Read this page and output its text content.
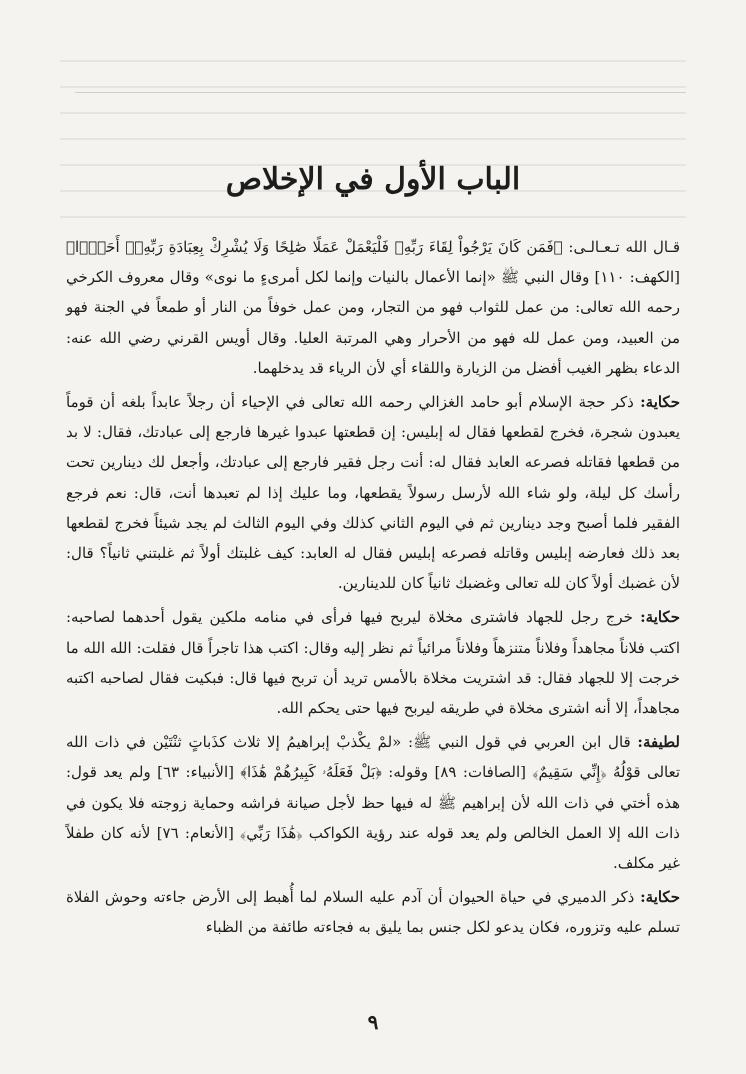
الباب الأول في الإخلاص

قـال الله تـعـالـى: ﴿فَمَن كَانَ يَرْجُواْ لِقَاءَ رَبِّهِۦ فَلْيَعْمَلْ عَمَلًا صَٰلِحًا وَلَا يُشْرِكْ بِعِبَادَةِ رَبِّهِۦٓ أَحَدًۢا﴾ [الكهف: ١١٠] وقال النبي ﷺ «إنما الأعمال بالنيات وإنما لكل أمرىءٍ ما نوى» وقال معروف الكرخي رحمه الله تعالى: من عمل للثواب فهو من التجار، ومن عمل خوفاً من النار أو طمعاً في الجنة فهو من العبيد، ومن عمل لله فهو من الأحرار وهي المرتبة العليا. وقال أويس القرني رضي الله عنه: الدعاء بظهر الغيب أفضل من الزيارة واللقاء أي لأن الرياء قد يدخلهما.

حكاية: ذكر حجة الإسلام أبو حامد الغزالي رحمه الله تعالى في الإحياء أن رجلاً عابداً بلغه أن قوماً يعبدون شجرة، فخرج لقطعها فقال له إبليس: إن قطعتها عبدوا غيرها فارجع إلى عبادتك، فقال: لا بد من قطعها فقاتله فصرعه العابد فقال له: أنت رجل فقير فارجع إلى عبادتك، وأجعل لك دينارين تحت رأسك كل ليلة، ولو شاء الله لأرسل رسولاً يقطعها، وما عليك إذا لم تعبدها أنت، قال: نعم فرجع الفقير فلما أصبح وجد دينارين ثم في اليوم الثاني كذلك وفي اليوم الثالث لم يجد شيئاً فخرج لقطعها بعد ذلك فعارضه إبليس وقاتله فصرعه إبليس فقال له العابد: كيف غلبتك أولاً ثم غلبتني ثانياً؟ قال: لأن غضبك أولاً كان لله تعالى وغضبك ثانياً كان للدينارين.

حكاية: خرج رجل للجهاد فاشترى مخلاة ليربح فيها فرأى في منامه ملكين يقول أحدهما لصاحبه: اكتب فلاناً مجاهداً وفلاناً متنزهاً وفلاناً مرائياً ثم نظر إليه وقال: اكتب هذا تاجراً قال فقلت: الله الله ما خرجت إلا للجهاد فقال: قد اشتريت مخلاة بالأمس تريد أن تربح فيها قال: فبكيت فقال لصاحبه اكتبه مجاهداً، إلا أنه اشترى مخلاة في طريقه ليربح فيها حتى يحكم الله.

لطيفة: قال ابن العربي في قول النبي ﷺ: «لمْ يكْذبْ إبراهيمُ إلا ثلاث كذَباتٍ ثنْتَيْن في ذات الله تعالى قوْلُهُ ﴿إِنِّي سَقِيمٌ﴾ [الصافات: ٨٩] وقوله: ﴿بَلْ فَعَلَهُۥ كَبِيرُهُمْ هَٰذَا﴾ [الأنبياء: ٦٣] ولم يعد قول: هذه أختي في ذات الله لأن إبراهيم ﷺ له فيها حظ لأجل صيانة فراشه وحماية زوجته فلا يكون في ذات الله إلا العمل الخالص ولم يعد قوله عند رؤية الكواكب ﴿هَٰذَا رَبِّي﴾ [الأنعام: ٧٦] لأنه كان طفلاً غير مكلف.

حكاية: ذكر الدميري في حياة الحيوان أن آدم عليه السلام لما أُهبط إلى الأرض جاءته وحوش الفلاة تسلم عليه وتزوره، فكان يدعو لكل جنس بما يليق به فجاءته طائفة من الظباء

٩
